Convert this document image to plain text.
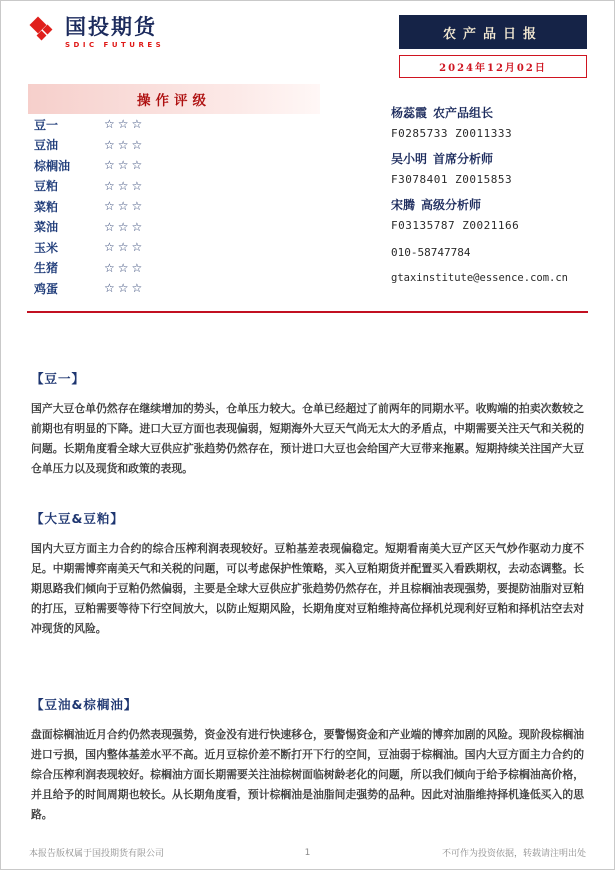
国投期货
SDIC FUTURES
农产品日报
2024年12月02日
操作评级
豆一	☆☆☆
豆油	☆☆☆
棕榈油	☆☆☆
豆粕	☆☆☆
菜粕	☆☆☆
菜油	☆☆☆
玉米	☆☆☆
生猪	☆☆☆
鸡蛋	☆☆☆
杨蕊霞 农产品组长
F0285733 Z0011333
吴小明 首席分析师
F3078401 Z0015853
宋腾 高级分析师
F03135787 Z0021166
010-58747784
gtaxinstitute@essence.com.cn
【豆一】

国产大豆仓单仍然存在继续增加的势头，仓单压力较大。仓单已经超过了前两年的同期水平。收购端的拍卖次数较之前期也有明显的下降。进口大豆方面也表现偏弱，短期海外大豆天气尚无太大的矛盾点，中期需要关注天气和关税的问题。长期角度看全球大豆供应扩张趋势仍然存在，预计进口大豆也会给国产大豆带来拖累。短期持续关注国产大豆仓单压力以及现货和政策的表现。

【大豆&豆粕】

国内大豆方面主力合约的综合压榨利润表现较好。豆粕基差表现偏稳定。短期看南美大豆产区天气炒作驱动力度不足。中期需博弈南美天气和关税的问题，可以考虑保护性策略，买入豆粕期货并配置买入看跌期权，去动态调整。长期思路我们倾向于豆粕仍然偏弱，主要是全球大豆供应扩张趋势仍然存在，并且棕榈油表现强势，要提防油脂对豆粕的打压，豆粕需要等待下行空间放大，以防止短期风险，长期角度对豆粕维持高位择机兑现利好豆粕和择机沽空去对冲现货的风险。

【豆油&棕榈油】

盘面棕榈油近月合约仍然表现强势，资金没有进行快速移仓，要警惕资金和产业端的博弈加剧的风险。现阶段棕榈油进口亏损，国内整体基差水平不高。近月豆棕价差不断打开下行的空间，豆油弱于棕榈油。国内大豆方面主力合约的综合压榨利润表现较好。棕榈油方面长期需要关注油棕树面临树龄老化的问题，所以我们倾向于给予棕榈油高价格，并且给予的时间周期也较长。从长期角度看，预计棕榈油是油脂间走强势的品种。因此对油脂维持择机逢低买入的思路。

本报告版权属于国投期货有限公司	1	不可作为投资依据，转载请注明出处
